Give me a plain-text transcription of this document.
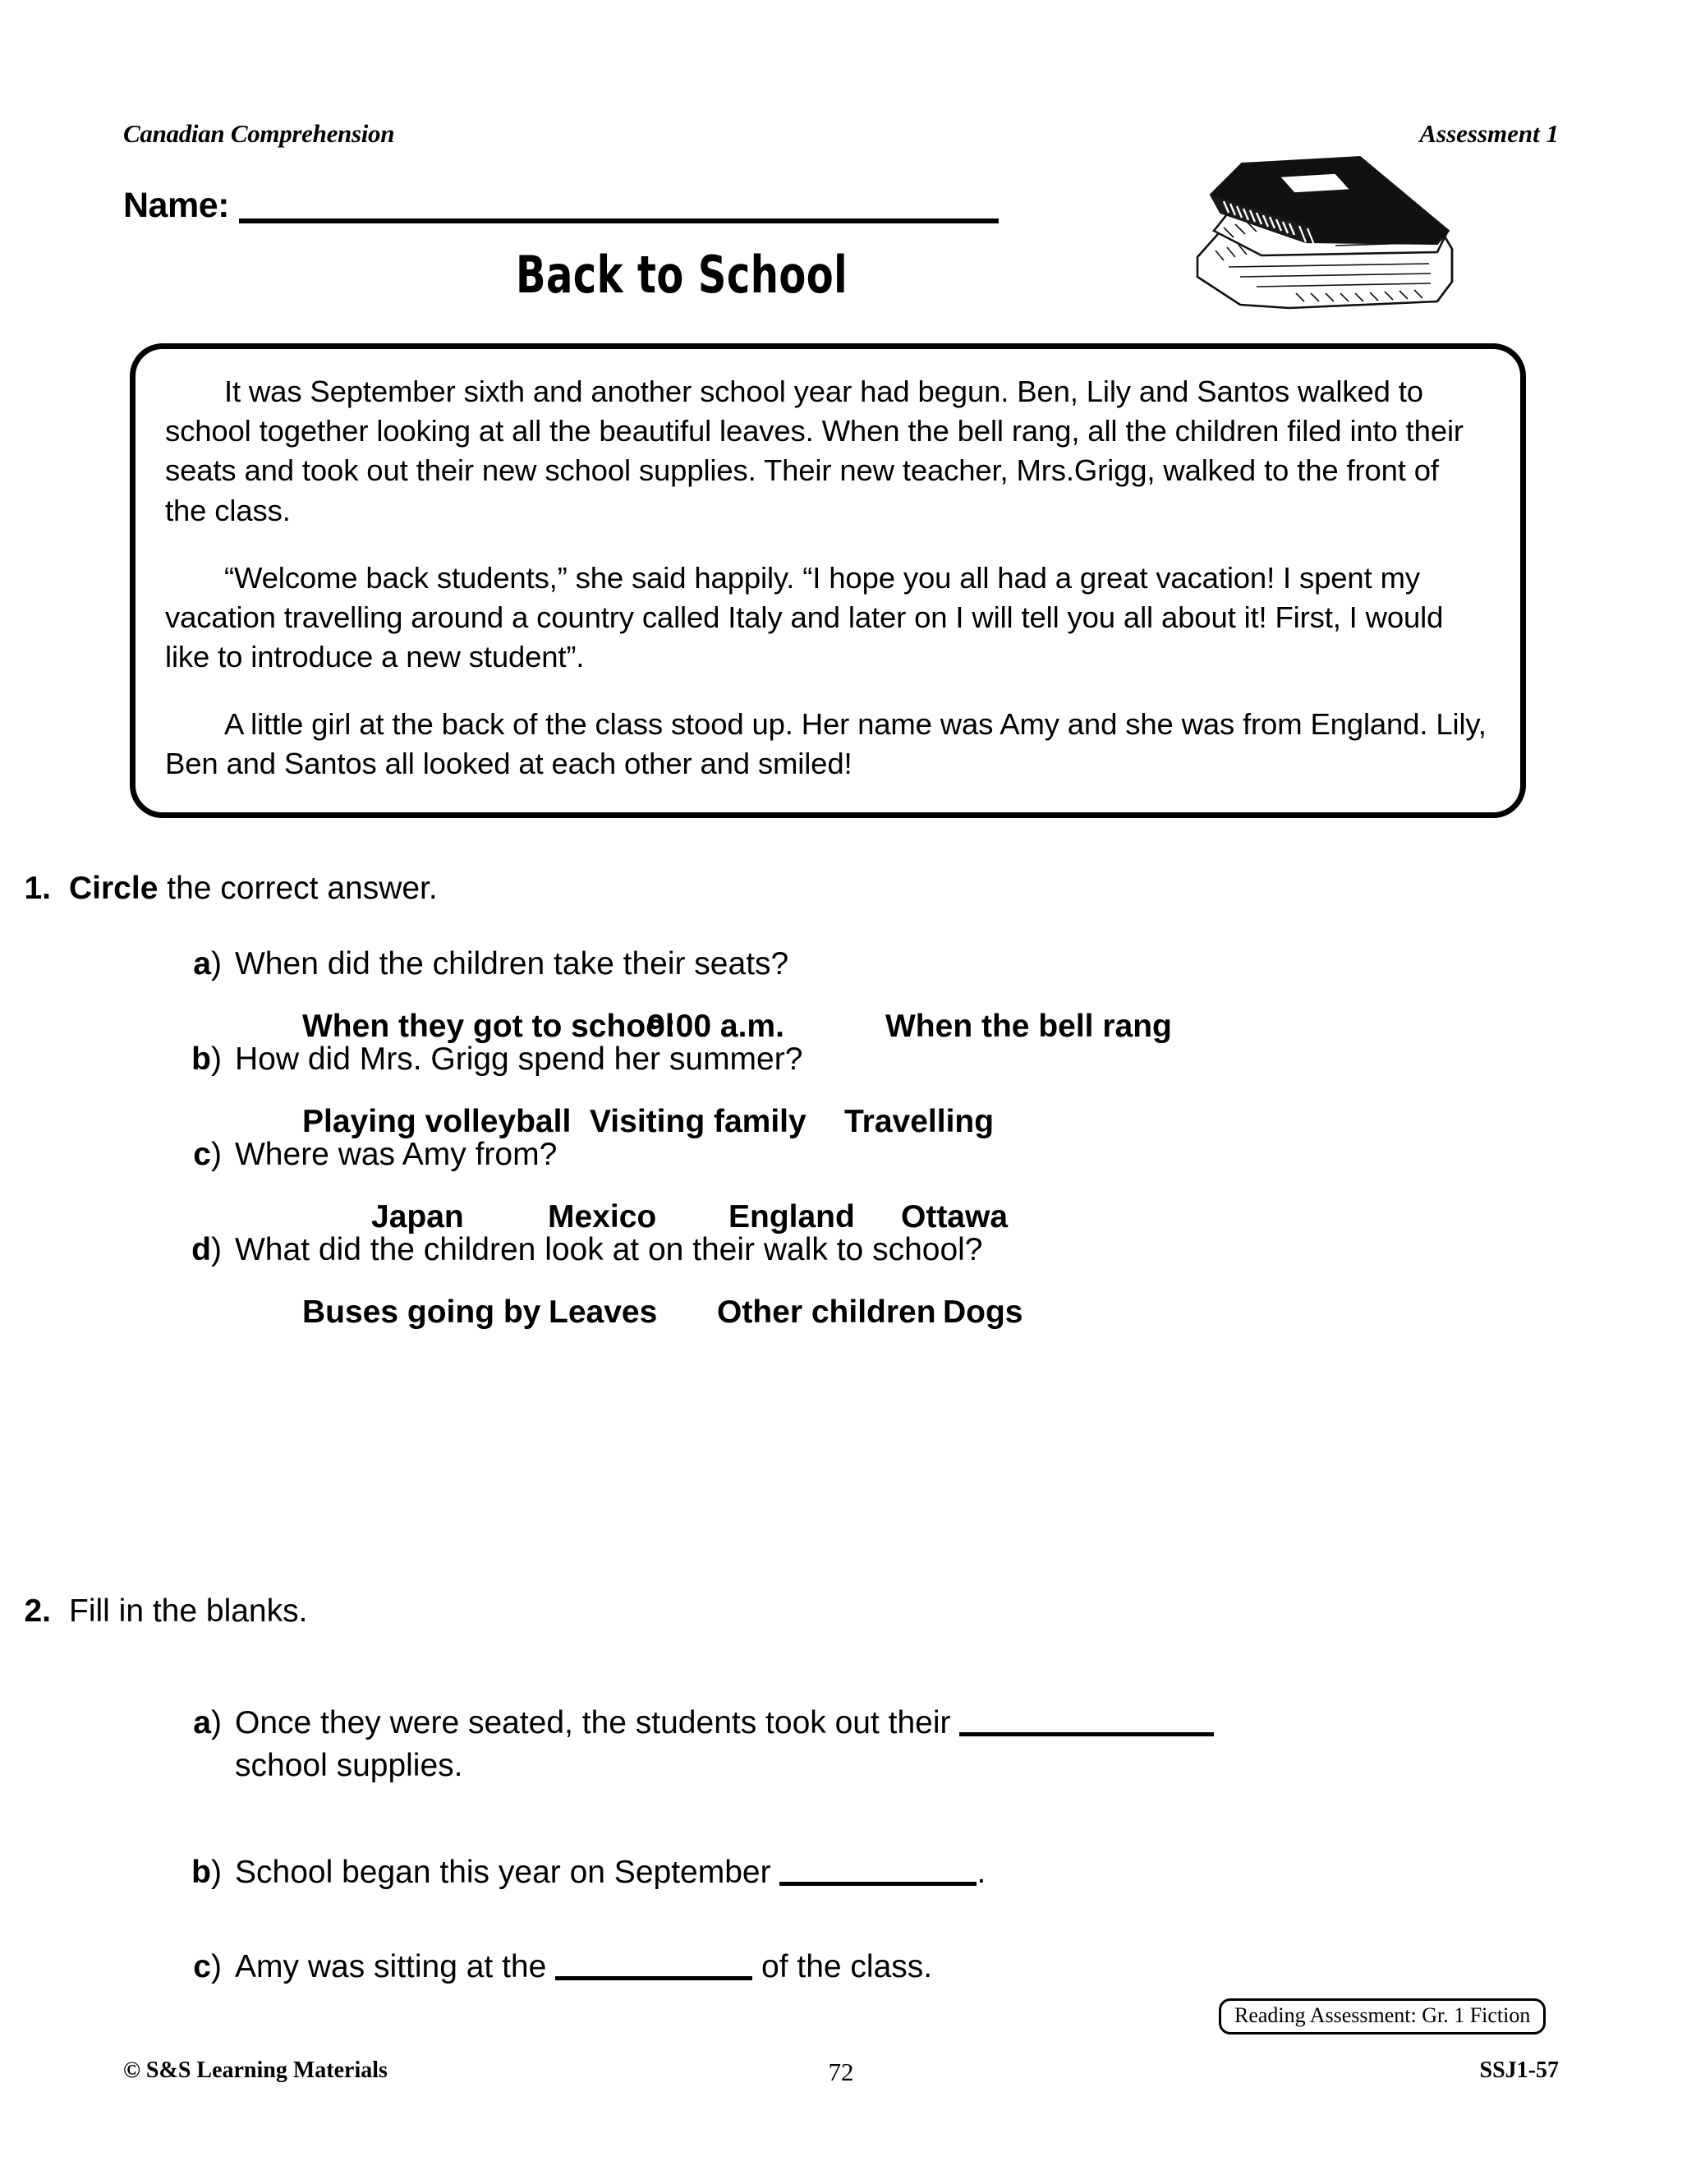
Canadian Comprehension	Assessment 1
Name:
Back to School

It was September sixth and another school year had begun. Ben, Lily and Santos walked to school together looking at all the beautiful leaves. When the bell rang, all the children filed into their seats and took out their new school supplies. Their new teacher, Mrs.Grigg, walked to the front of the class.

“Welcome back students,” she said happily. “I hope you all had a great vacation! I spent my vacation travelling around a country called Italy and later on I will tell you all about it! First, I would like to introduce a new student”.

A little girl at the back of the class stood up. Her name was Amy and she was from England. Lily, Ben and Santos all looked at each other and smiled!

1. Circle the correct answer.
a) When did the children take their seats?
When they got to school
9:00 a.m.	When the bell rang
b) How did Mrs. Grigg spend her summer?
Playing volleyball Visiting family	Travelling
c) Where was Amy from?
Japan	Mexico	England	Ottawa
d) What did the children look at on their walk to school?
Buses going by Leaves	Other children Dogs
2. Fill in the blanks.
a) Once they were seated, the students took out their
school supplies.
b) School began this year on September	.
c) Amy was sitting at the	of the class.
Reading Assessment: Gr. 1 Fiction
© S&S Learning Materials	72	SSJ1-57
